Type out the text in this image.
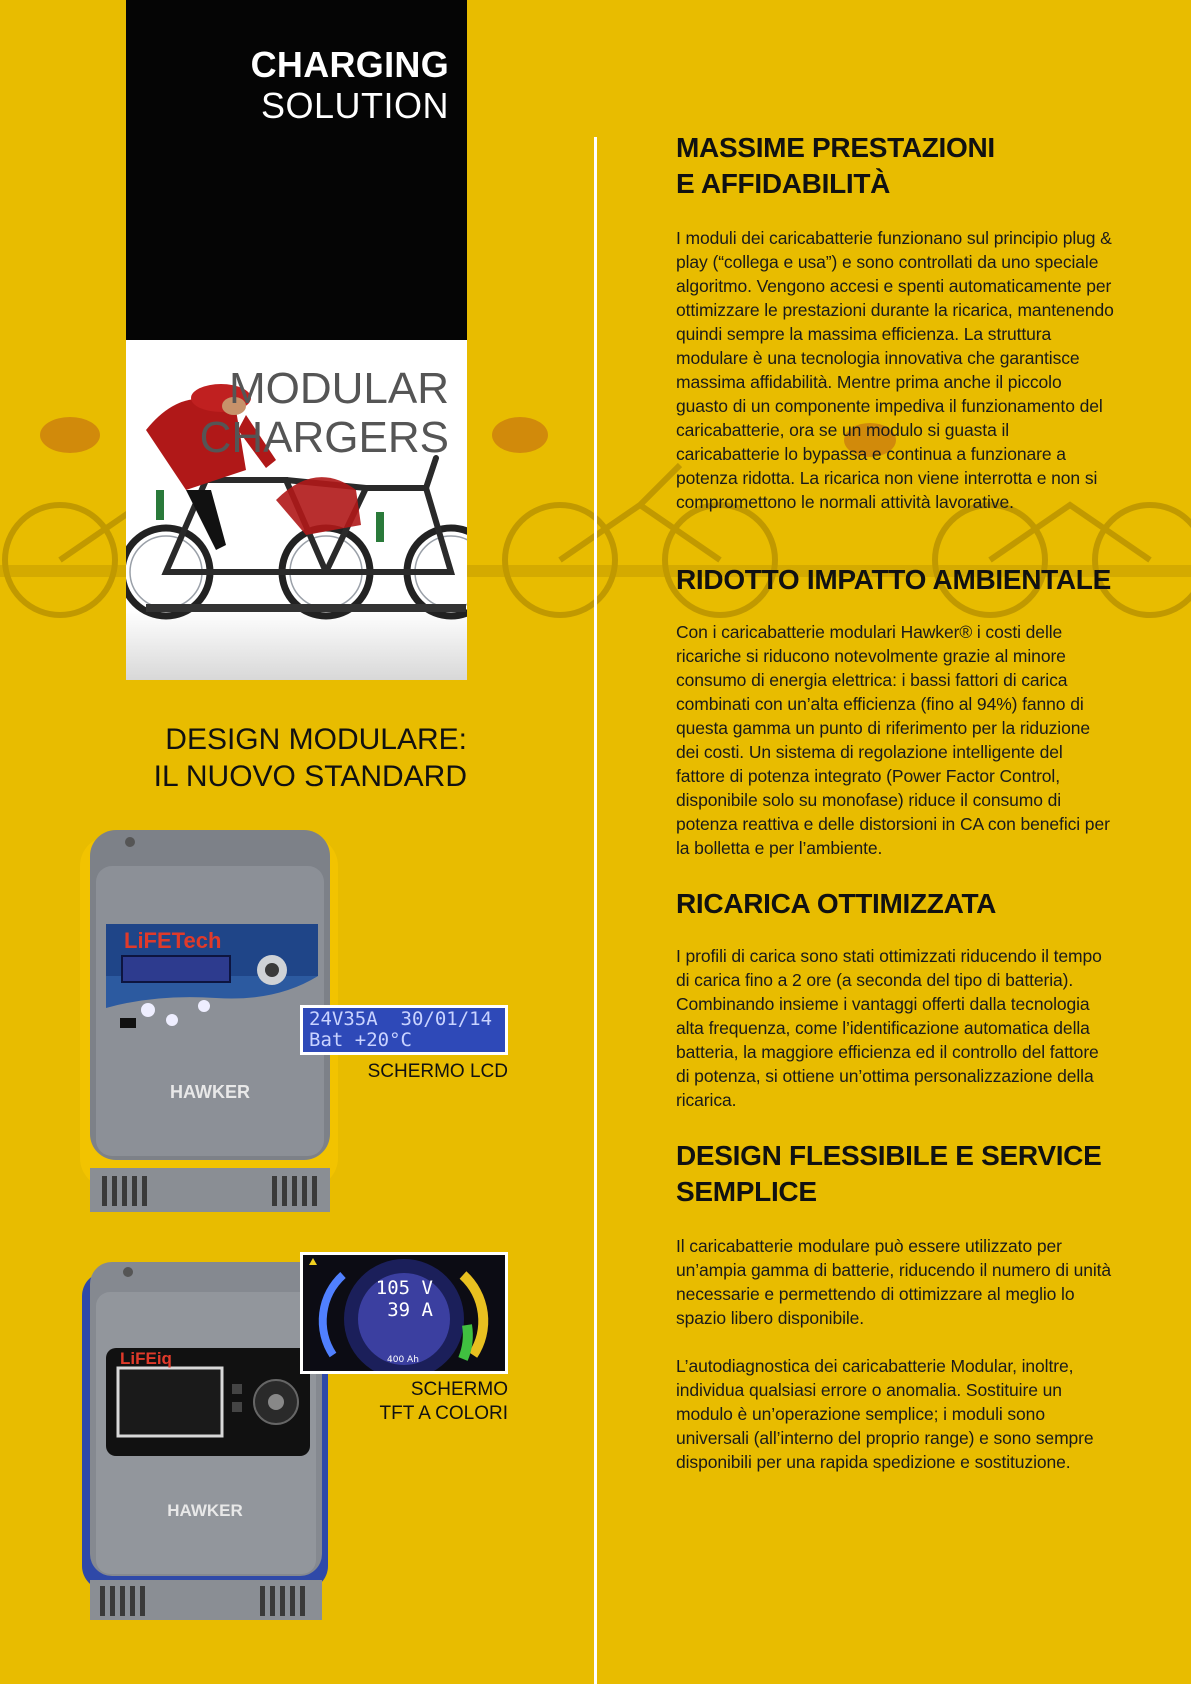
CHARGING
SOLUTION
MODULAR
CHARGERS
DESIGN MODULARE:
IL NUOVO STANDARD
LiFETech
HAWKER
24V35A  30/01/14
Bat +20°C
SCHERMO LCD
LiFEiq
HAWKER
105 V
39 A
400 Ah
SCHERMO
TFT A COLORI
MASSIME PRESTAZIONI
E AFFIDABILITÀ

I moduli dei caricabatterie funzionano sul principio plug & play (“collega e usa”) e sono controllati da uno speciale algoritmo. Vengono accesi e spenti automaticamente per ottimizzare le prestazioni durante la ricarica, mantenendo quindi sempre la massima efficienza. La struttura modulare è una tecnologia innovativa che garantisce massima affidabilità. Mentre prima anche il piccolo guasto di un componente impediva il funzionamento del caricabatterie, ora se un modulo si guasta il caricabatterie lo bypassa e continua a funzionare a potenza ridotta. La ricarica non viene interrotta e non si compromettono le normali attività lavorative.

RIDOTTO IMPATTO AMBIENTALE

Con i caricabatterie modulari Hawker® i costi delle ricariche si riducono notevolmente grazie al minore consumo di energia elettrica: i bassi fattori di carica combinati con un’alta efficienza (fino al 94%) fanno di questa gamma un punto di riferimento per la riduzione dei costi. Un sistema di regolazione intelligente del fattore di potenza integrato (Power Factor Control, disponibile solo su monofase) riduce il consumo di potenza reattiva e delle distorsioni in CA con benefici per la bolletta e per l’ambiente.

RICARICA OTTIMIZZATA

I profili di carica sono stati ottimizzati riducendo il tempo di carica fino a 2 ore (a seconda del tipo di batteria). Combinando insieme i vantaggi offerti dalla tecnologia alta frequenza, come l’identificazione automatica della batteria, la maggiore efficienza ed il controllo del fattore di potenza, si ottiene un’ottima personalizzazione della ricarica.

DESIGN FLESSIBILE E SERVICE
SEMPLICE

Il caricabatterie modulare può essere utilizzato per un’ampia gamma di batterie, riducendo il numero di unità necessarie e permettendo di ottimizzare al meglio lo spazio libero disponibile.

L’autodiagnostica dei caricabatterie Modular, inoltre, individua qualsiasi errore o anomalia. Sostituire un modulo è un’operazione semplice; i moduli sono universali (all’interno del proprio range) e sono sempre disponibili per una rapida spedizione e sostituzione.
